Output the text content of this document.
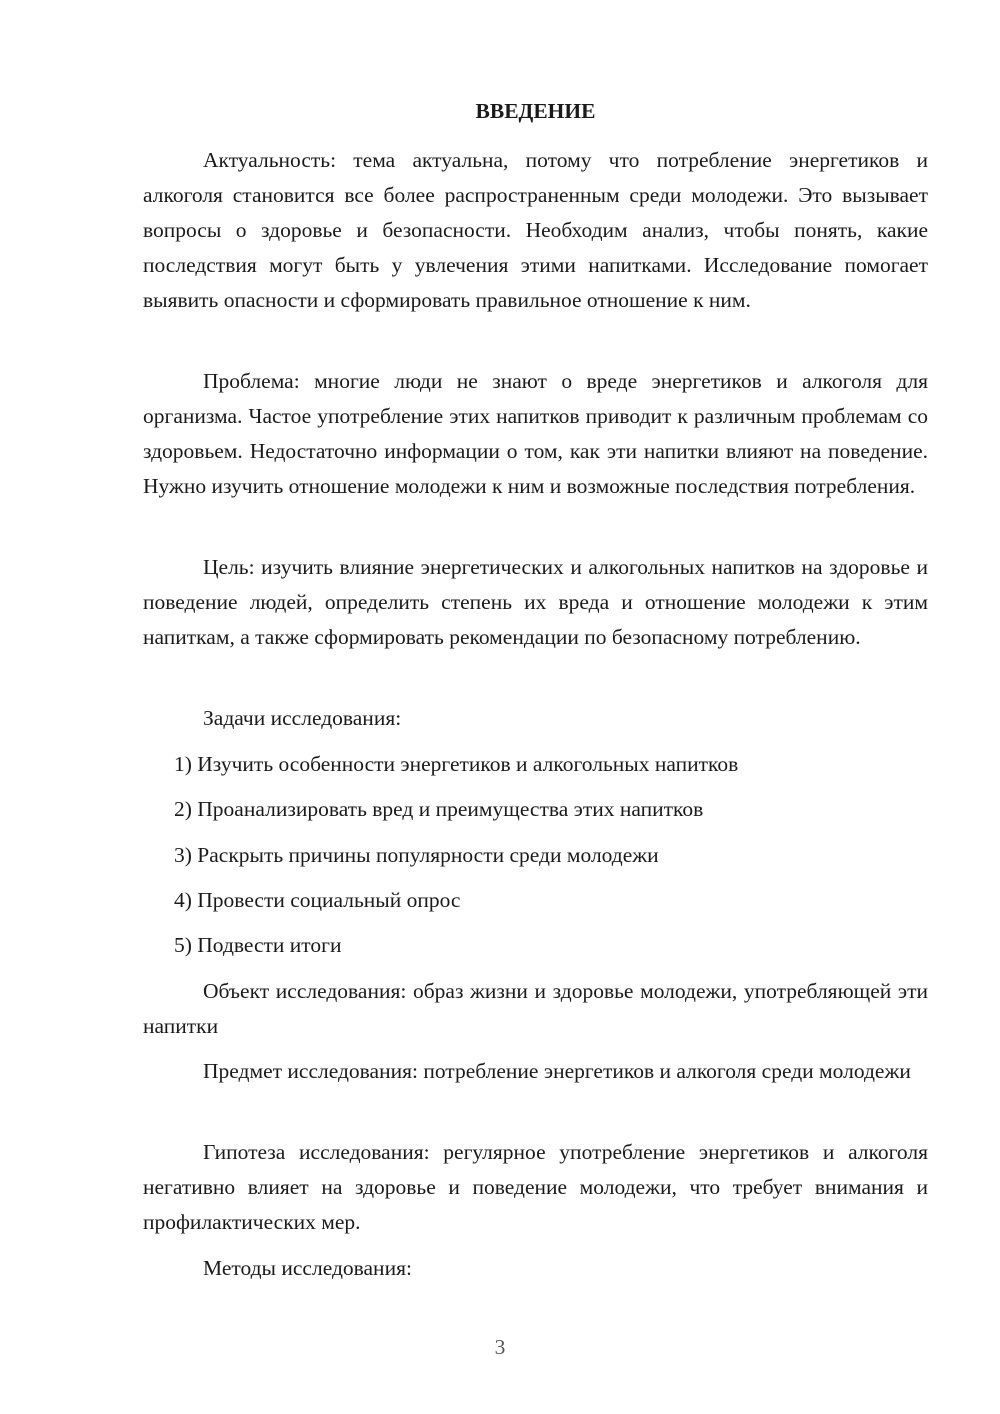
ВВЕДЕНИЕ
Актуальность: тема актуальна, потому что потребление энергетиков и алкоголя становится все более распространенным среди молодежи. Это вызывает вопросы о здоровье и безопасности. Необходим анализ, чтобы понять, какие последствия могут быть у увлечения этими напитками. Исследование помогает выявить опасности и сформировать правильное отношение к ним.
Проблема: многие люди не знают о вреде энергетиков и алкоголя для организма. Частое употребление этих напитков приводит к различным проблемам со здоровьем. Недостаточно информации о том, как эти напитки влияют на поведение. Нужно изучить отношение молодежи к ним и возможные последствия потребления.
Цель: изучить влияние энергетических и алкогольных напитков на здоровье и поведение людей, определить степень их вреда и отношение молодежи к этим напиткам, а также сформировать рекомендации по безопасному потреблению.
Задачи исследования:
1) Изучить особенности энергетиков и алкогольных напитков
2) Проанализировать вред и преимущества этих напитков
3) Раскрыть причины популярности среди молодежи
4) Провести социальный опрос
5) Подвести итоги
Объект исследования: образ жизни и здоровье молодежи, употребляющей эти напитки
Предмет исследования: потребление энергетиков и алкоголя среди молодежи
Гипотеза исследования: регулярное употребление энергетиков и алкоголя негативно влияет на здоровье и поведение молодежи, что требует внимания и профилактических мер.
Методы исследования:
3
